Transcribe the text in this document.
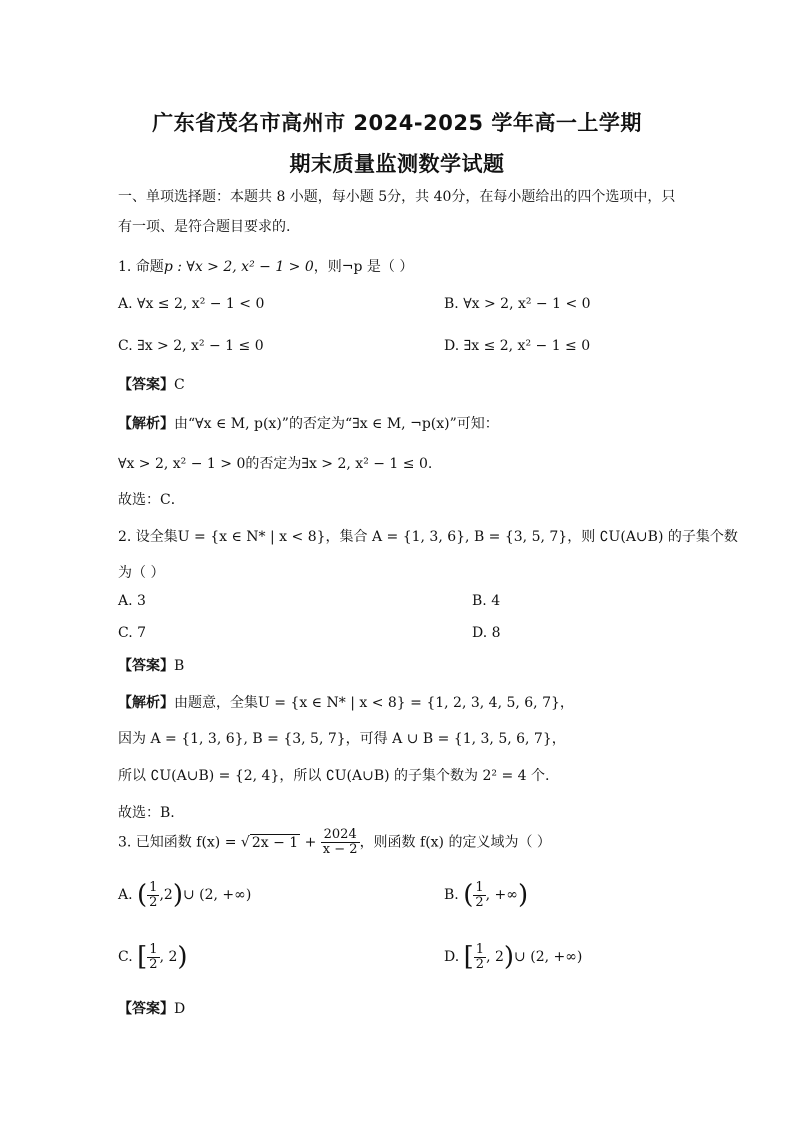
广东省茂名市高州市 2024-2025 学年高一上学期
期末质量监测数学试题
一、单项选择题：本题共 8 小题，每小题 5分，共 40分，在每小题给出的四个选项中，只
有一项、是符合题目要求的.
1. 命题p : ∀x > 2, x² − 1 > 0，则¬p 是（ ）
A. ∀x ≤ 2, x² − 1 < 0	B. ∀x > 2, x² − 1 < 0
C. ∃x > 2, x² − 1 ≤ 0	D. ∃x ≤ 2, x² − 1 ≤ 0
【答案】C
【解析】由“∀x ∈ M, p(x)”的否定为“∃x ∈ M, ¬p(x)”可知：
∀x > 2, x² − 1 > 0的否定为∃x > 2, x² − 1 ≤ 0.
故选：C．
2. 设全集U = {x ∈ N* | x < 8}，集合 A = {1, 3, 6}, B = {3, 5, 7}，则 ∁U(A∪B) 的子集个数
为（ ）
A. 3	B. 4
C. 7	D. 8
【答案】B
【解析】由题意，全集U = {x ∈ N* | x < 8} = {1, 2, 3, 4, 5, 6, 7}，
因为 A = {1, 3, 6}, B = {3, 5, 7}，可得 A ∪ B = {1, 3, 5, 6, 7}，
所以 ∁U(A∪B) = {2, 4}，所以 ∁U(A∪B) 的子集个数为 2² = 4 个.
故选：B.
3. 已知函数 f(x) = √ $2x - 1 + \frac{2024}{x - 2}$ ，则函数 f(x) 的定义域为（ ）
A. ( $\frac{1}{2}$ ,2)∪ (2, +∞)	B. ( $\frac{1}{2}$ , +∞)
C. [ $\frac{1}{2}$ , 2)	D. [ $\frac{1}{2}$ , 2)∪ (2, +∞)
【答案】D
